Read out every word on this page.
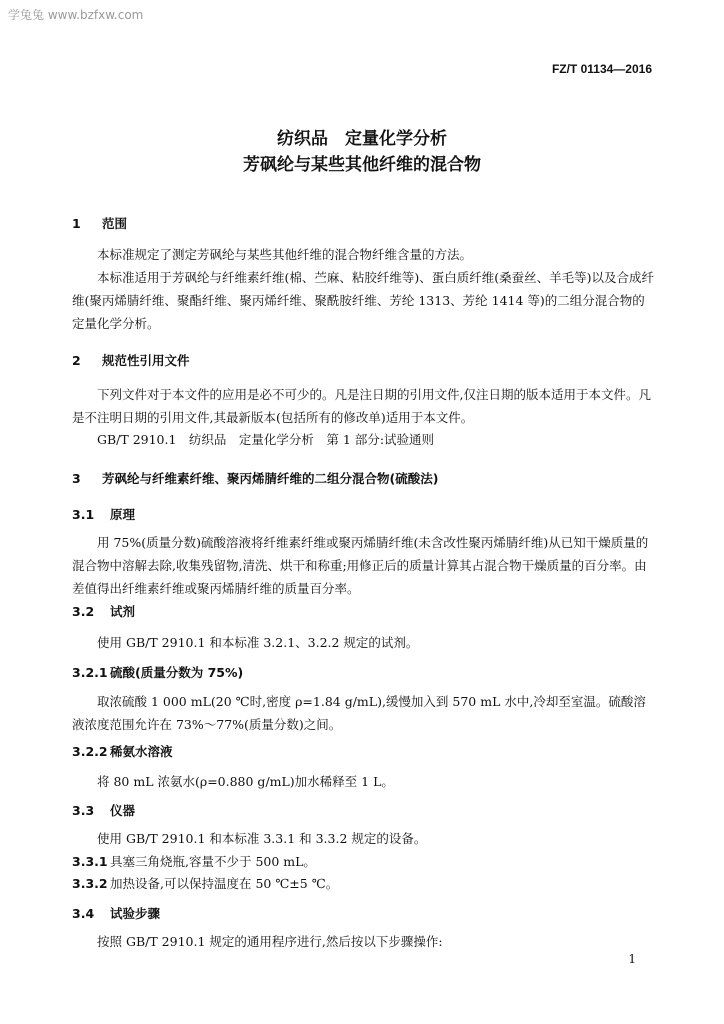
学兔兔 www.bzfxw.com
FZ/T 01134—2016
纺织品　定量化学分析
芳砜纶与某些其他纤维的混合物
1 范围
本标准规定了测定芳砜纶与某些其他纤维的混合物纤维含量的方法。
本标准适用于芳砜纶与纤维素纤维(棉、苎麻、粘胶纤维等)、蛋白质纤维(桑蚕丝、羊毛等)以及合成纤维(聚丙烯腈纤维、聚酯纤维、聚丙烯纤维、聚酰胺纤维、芳纶 1313、芳纶 1414 等)的二组分混合物的定量化学分析。
2 规范性引用文件
下列文件对于本文件的应用是必不可少的。凡是注日期的引用文件,仅注日期的版本适用于本文件。凡是不注明日期的引用文件,其最新版本(包括所有的修改单)适用于本文件。
GB/T 2910.1　纺织品　定量化学分析　第 1 部分:试验通则
3 芳砜纶与纤维素纤维、聚丙烯腈纤维的二组分混合物(硫酸法)
3.1 原理
用 75%(质量分数)硫酸溶液将纤维素纤维或聚丙烯腈纤维(未含改性聚丙烯腈纤维)从已知干燥质量的混合物中溶解去除,收集残留物,清洗、烘干和称重;用修正后的质量计算其占混合物干燥质量的百分率。由差值得出纤维素纤维或聚丙烯腈纤维的质量百分率。
3.2 试剂
使用 GB/T 2910.1 和本标准 3.2.1、3.2.2 规定的试剂。
3.2.1 硫酸(质量分数为 75%)
取浓硫酸 1 000 mL(20 ℃时,密度 ρ=1.84 g/mL),缓慢加入到 570 mL 水中,冷却至室温。硫酸溶液浓度范围允许在 73%～77%(质量分数)之间。
3.2.2 稀氨水溶液
将 80 mL 浓氨水(ρ=0.880 g/mL)加水稀释至 1 L。
3.3 仪器
使用 GB/T 2910.1 和本标准 3.3.1 和 3.3.2 规定的设备。
3.3.1 具塞三角烧瓶,容量不少于 500 mL。
3.3.2 加热设备,可以保持温度在 50 ℃±5 ℃。
3.4 试验步骤
按照 GB/T 2910.1 规定的通用程序进行,然后按以下步骤操作:
1
